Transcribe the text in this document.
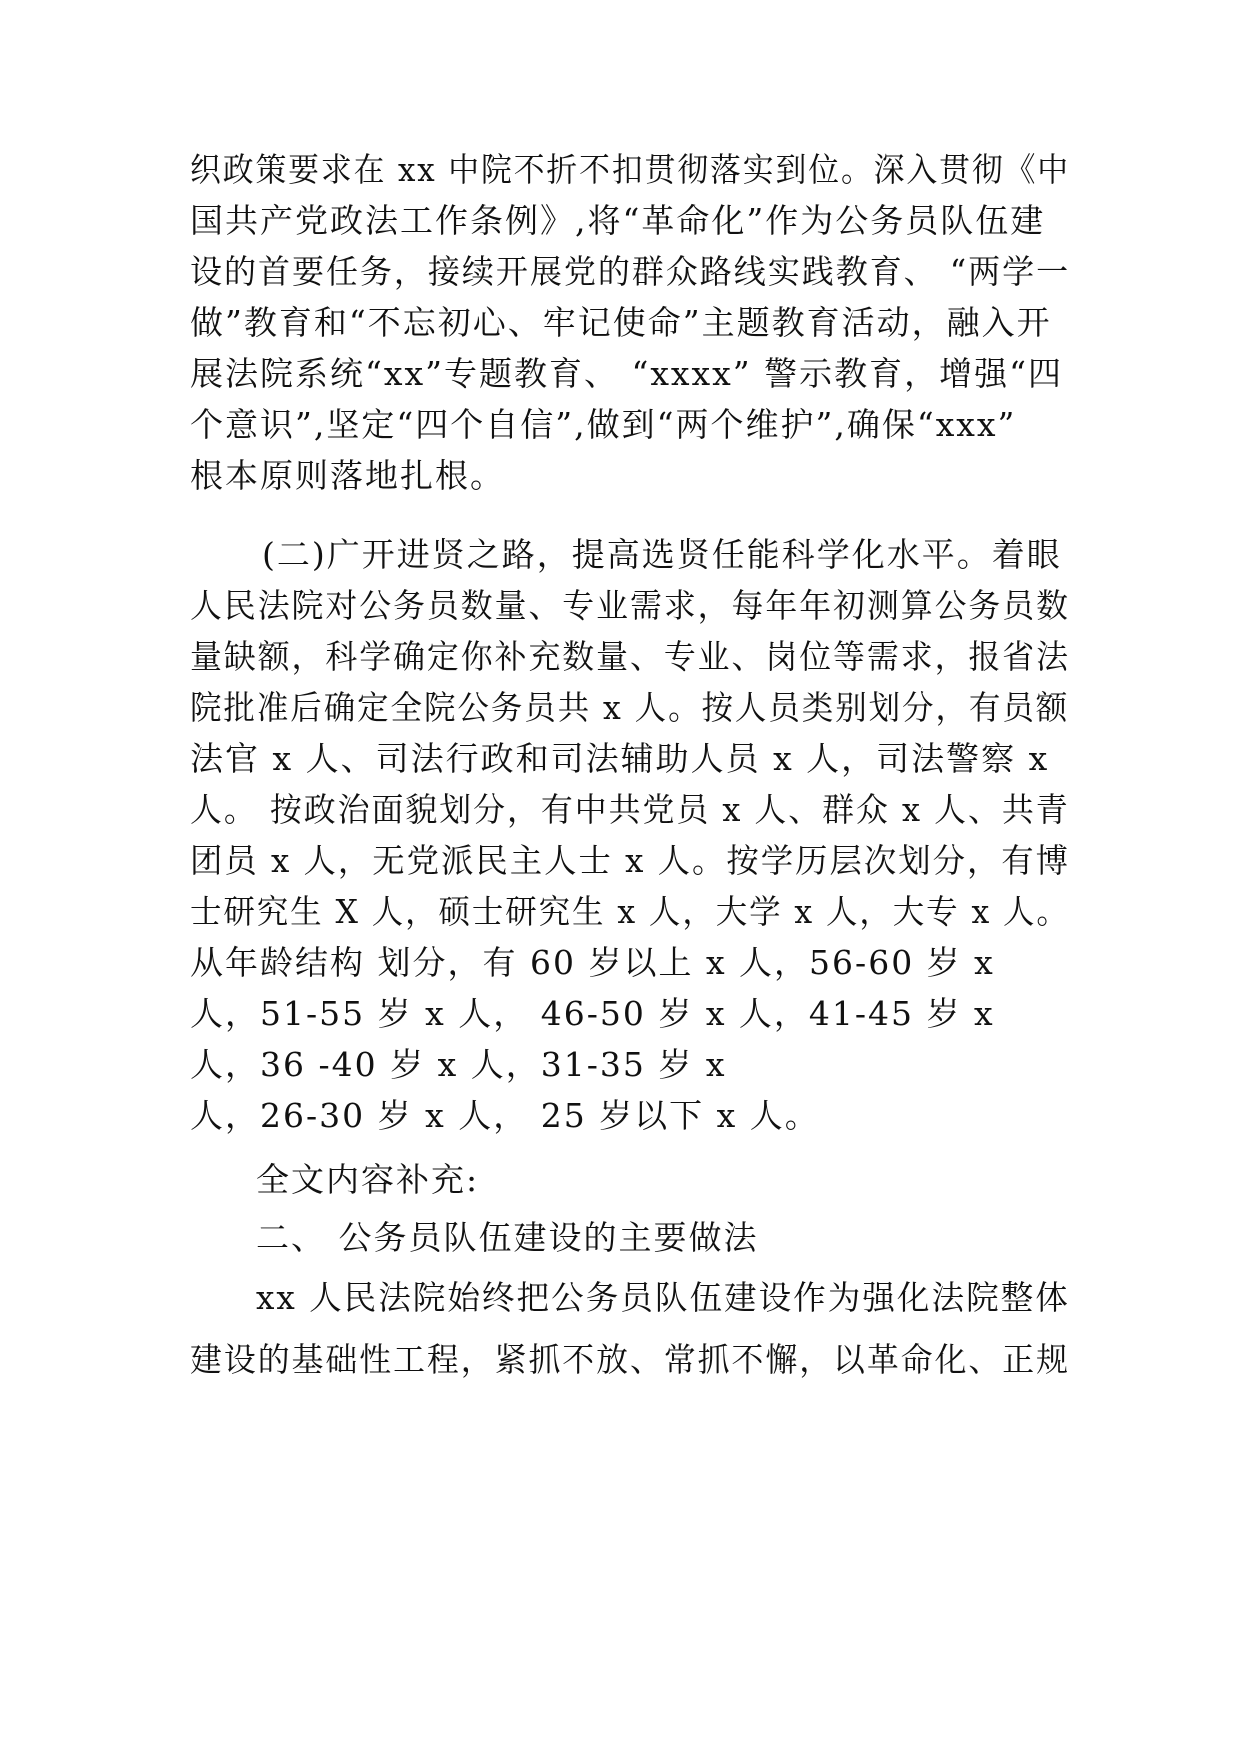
织政策要求在 xx 中院不折不扣贯彻落实到位。深入贯彻《中
国共产党政法工作条例》,将“革命化”作为公务员队伍建
设的首要任务，接续开展党的群众路线实践教育、 “两学一
做”教育和“不忘初心、牢记使命”主题教育活动，融入开
展法院系统“xx”专题教育、 “xxxx” 警示教育，增强“四
个意识”,坚定“四个自信”,做到“两个维护”,确保“xxx”
根本原则落地扎根。
(二)广开进贤之路，提高选贤任能科学化水平。着眼
人民法院对公务员数量、专业需求，每年年初测算公务员数
量缺额，科学确定你补充数量、专业、岗位等需求，报省法
院批准后确定全院公务员共 x 人。按人员类别划分，有员额
法官 x 人、司法行政和司法辅助人员 x 人，司法警察 x
人。 按政治面貌划分，有中共党员 x 人、群众 x 人、共青
团员 x 人，无党派民主人士 x 人。按学历层次划分，有博
士研究生 X 人，硕士研究生 x 人，大学 x 人，大专 x 人。
从年龄结构 划分，有 60 岁以上 x 人，56-60 岁 x
人，51-55 岁 x 人， 46-50 岁 x 人，41-45 岁 x
人，36 -40 岁 x 人，31-35 岁 x
人，26-30 岁 x 人， 25 岁以下 x 人。
全文内容补充:
二、 公务员队伍建设的主要做法
xx 人民法院始终把公务员队伍建设作为强化法院整体
建设的基础性工程，紧抓不放、常抓不懈，以革命化、正规
